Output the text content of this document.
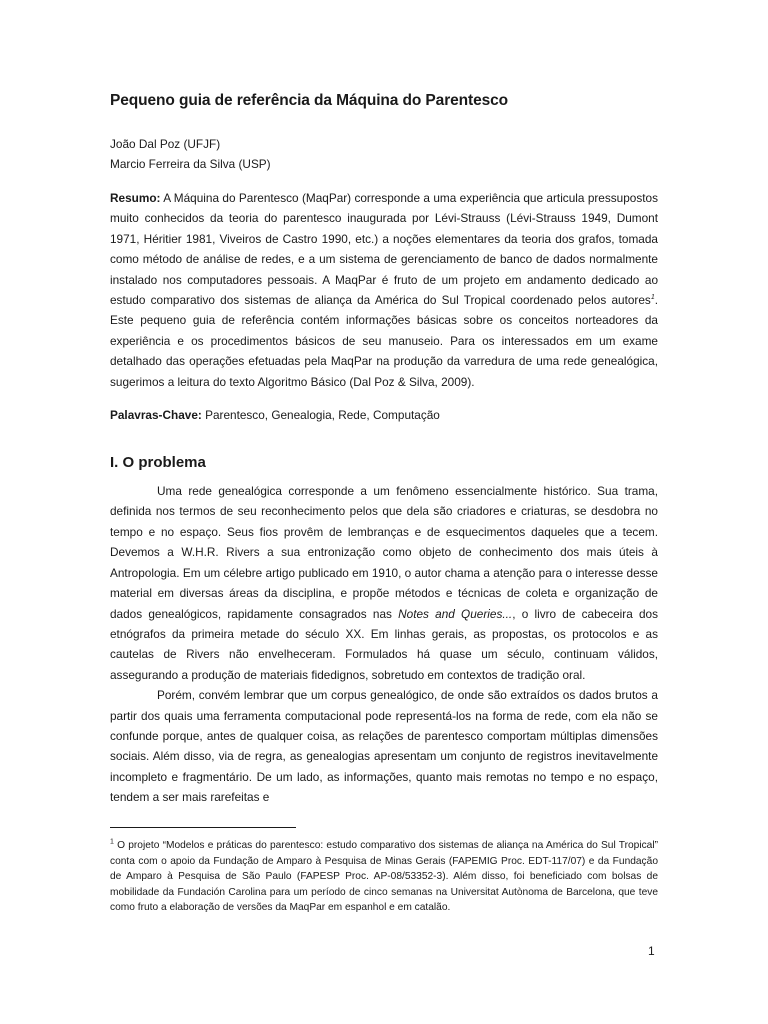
Pequeno guia de referência da Máquina do Parentesco
João Dal Poz (UFJF)
Marcio Ferreira da Silva (USP)
Resumo: A Máquina do Parentesco (MaqPar) corresponde a uma experiência que articula pressupostos muito conhecidos da teoria do parentesco inaugurada por Lévi-Strauss (Lévi-Strauss 1949, Dumont 1971, Héritier 1981, Viveiros de Castro 1990, etc.) a noções elementares da teoria dos grafos, tomada como método de análise de redes, e a um sistema de gerenciamento de banco de dados normalmente instalado nos computadores pessoais. A MaqPar é fruto de um projeto em andamento dedicado ao estudo comparativo dos sistemas de aliança da América do Sul Tropical coordenado pelos autores$^1$. Este pequeno guia de referência contém informações básicas sobre os conceitos norteadores da experiência e os procedimentos básicos de seu manuseio. Para os interessados em um exame detalhado das operações efetuadas pela MaqPar na produção da varredura de uma rede genealógica, sugerimos a leitura do texto Algoritmo Básico (Dal Poz & Silva, 2009).
Palavras-Chave: Parentesco, Genealogia, Rede, Computação
I. O problema

Uma rede genealógica corresponde a um fenômeno essencialmente histórico. Sua trama, definida nos termos de seu reconhecimento pelos que dela são criadores e criaturas, se desdobra no tempo e no espaço. Seus fios provêm de lembranças e de esquecimentos daqueles que a tecem. Devemos a W.H.R. Rivers a sua entronização como objeto de conhecimento dos mais úteis à Antropologia. Em um célebre artigo publicado em 1910, o autor chama a atenção para o interesse desse material em diversas áreas da disciplina, e propõe métodos e técnicas de coleta e organização de dados genealógicos, rapidamente consagrados nas Notes and Queries..., o livro de cabeceira dos etnógrafos da primeira metade do século XX. Em linhas gerais, as propostas, os protocolos e as cautelas de Rivers não envelheceram. Formulados há quase um século, continuam válidos, assegurando a produção de materiais fidedignos, sobretudo em contextos de tradição oral.

Porém, convém lembrar que um corpus genealógico, de onde são extraídos os dados brutos a partir dos quais uma ferramenta computacional pode representá-los na forma de rede, com ela não se confunde porque, antes de qualquer coisa, as relações de parentesco comportam múltiplas dimensões sociais. Além disso, via de regra, as genealogias apresentam um conjunto de registros inevitavelmente incompleto e fragmentário. De um lado, as informações, quanto mais remotas no tempo e no espaço, tendem a ser mais rarefeitas e

$^1$ O projeto “Modelos e práticas do parentesco: estudo comparativo dos sistemas de aliança na América do Sul Tropical” conta com o apoio da Fundação de Amparo à Pesquisa de Minas Gerais (FAPEMIG Proc. EDT-117/07) e da Fundação de Amparo à Pesquisa de São Paulo (FAPESP Proc. AP-08/53352-3). Além disso, foi beneficiado com bolsas de mobilidade da Fundación Carolina para um período de cinco semanas na Universitat Autònoma de Barcelona, que teve como fruto a elaboração de versões da MaqPar em espanhol e em catalão.
1
